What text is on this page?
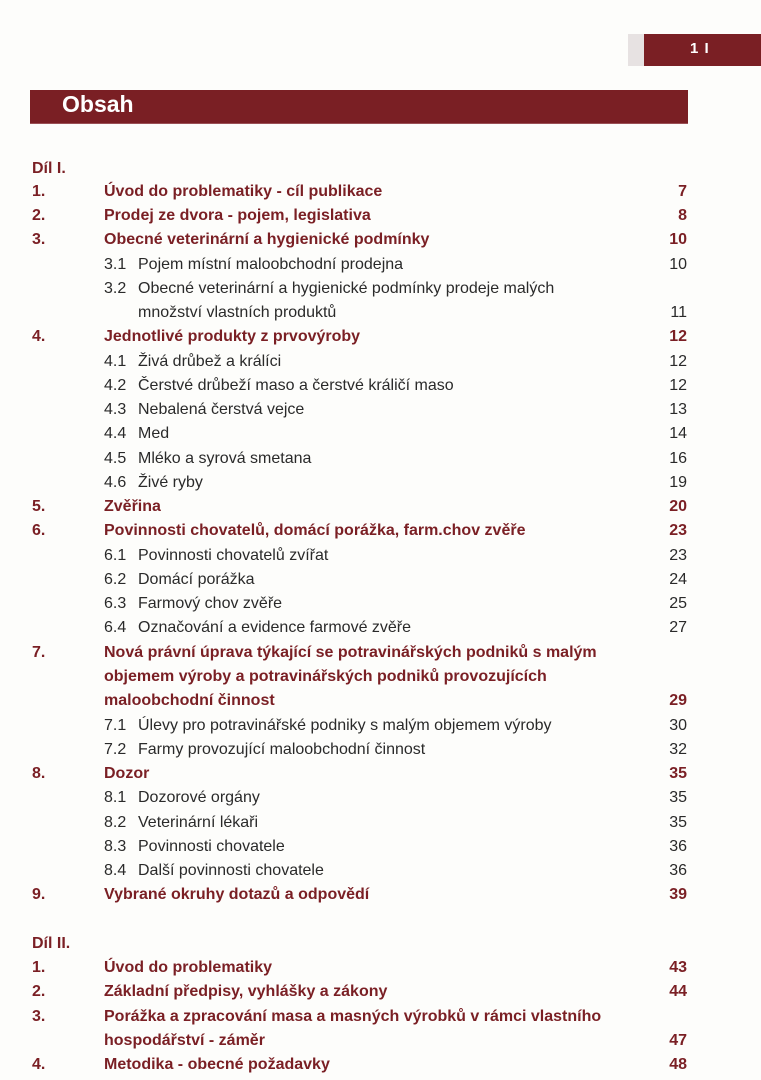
1 I
Obsah
Díl I.
1.	Úvod do problematiky - cíl publikace	7
2.	Prodej ze dvora - pojem, legislativa	8
3.	Obecné veterinární a hygienické podmínky	10
3.1 Pojem místní maloobchodní prodejna	10
3.2 Obecné veterinární a hygienické podmínky prodeje malých
množství vlastních produktů	11
4.	Jednotlivé produkty z prvovýroby	12
4.1 Živá drůbež a králíci	12
4.2 Čerstvé drůbeží maso a čerstvé králičí maso	12
4.3 Nebalená čerstvá vejce	13
4.4 Med	14
4.5 Mléko a syrová smetana	16
4.6 Živé ryby	19
5.	Zvěřina	20
6.	Povinnosti chovatelů, domácí porážka, farm.chov zvěře	23
6.1 Povinnosti chovatelů zvířat	23
6.2 Domácí porážka	24
6.3 Farmový chov zvěře	25
6.4 Označování a evidence farmové zvěře	27
7.	Nová právní úprava týkající se potravinářských podniků s malým
objemem výroby a potravinářských podniků provozujících
maloobchodní činnost	29
7.1 Úlevy pro potravinářské podniky s malým objemem výroby	30
7.2 Farmy provozující maloobchodní činnost	32
8.	Dozor	35
8.1 Dozorové orgány	35
8.2 Veterinární lékaři	35
8.3 Povinnosti chovatele	36
8.4 Další povinnosti chovatele	36
9.	Vybrané okruhy dotazů a odpovědí	39
Díl II.
1.	Úvod do problematiky	43
2.	Základní předpisy, vyhlášky a zákony	44
3.	Porážka a zpracování masa a masných výrobků v rámci vlastního
hospodářství - záměr	47
4.	Metodika - obecné požadavky	48
